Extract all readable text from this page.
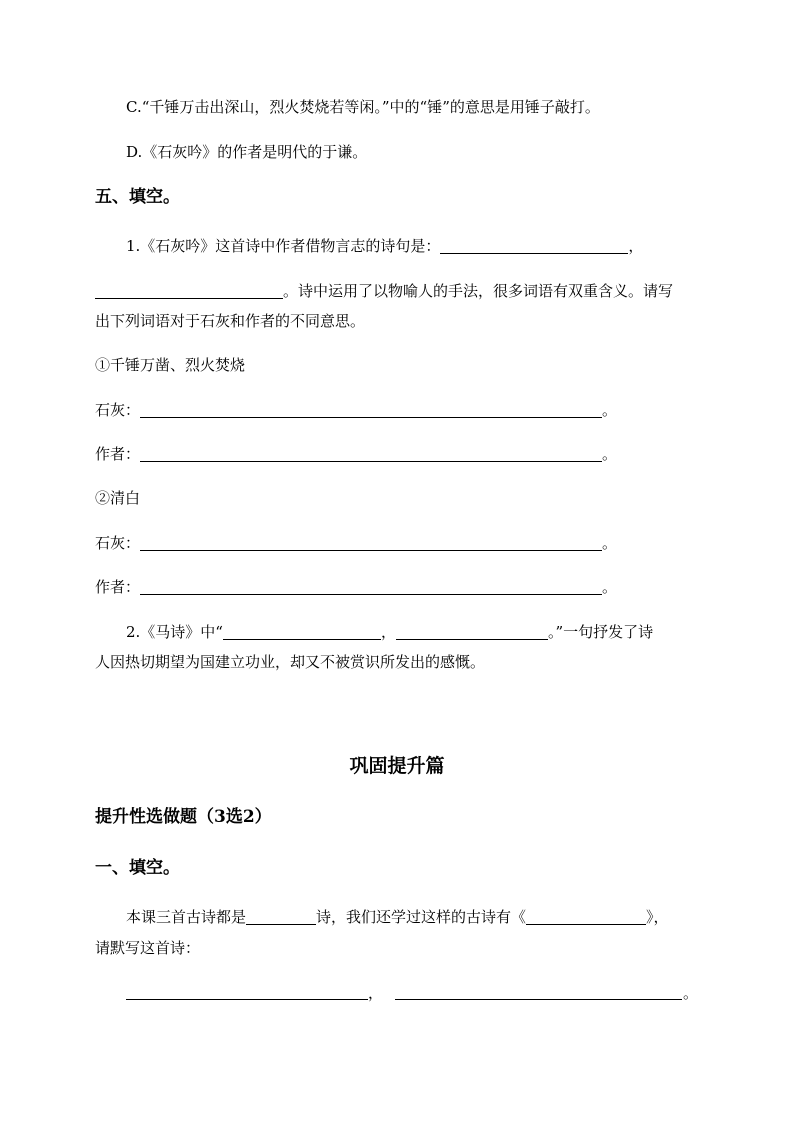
C.“千锤万击出深山，烈火焚烧若等闲。”中的“锤”的意思是用锤子敲打。
D.《石灰吟》的作者是明代的于谦。
五、填空。
1.《石灰吟》这首诗中作者借物言志的诗句是：	，
。诗中运用了以物喻人的手法，很多词语有双重含义。请写
出下列词语对于石灰和作者的不同意思。
①千锤万凿、烈火焚烧
石灰：	。
作者：	。
②清白
石灰：	。
作者：	。
2.《马诗》中“	，	。”一句抒发了诗
人因热切期望为国建立功业，却又不被赏识所发出的感慨。
巩固提升篇
提升性选做题（3选2）
一、填空。
本课三首古诗都是	诗，我们还学过这样的古诗有《	》，
请默写这首诗：
，	。
